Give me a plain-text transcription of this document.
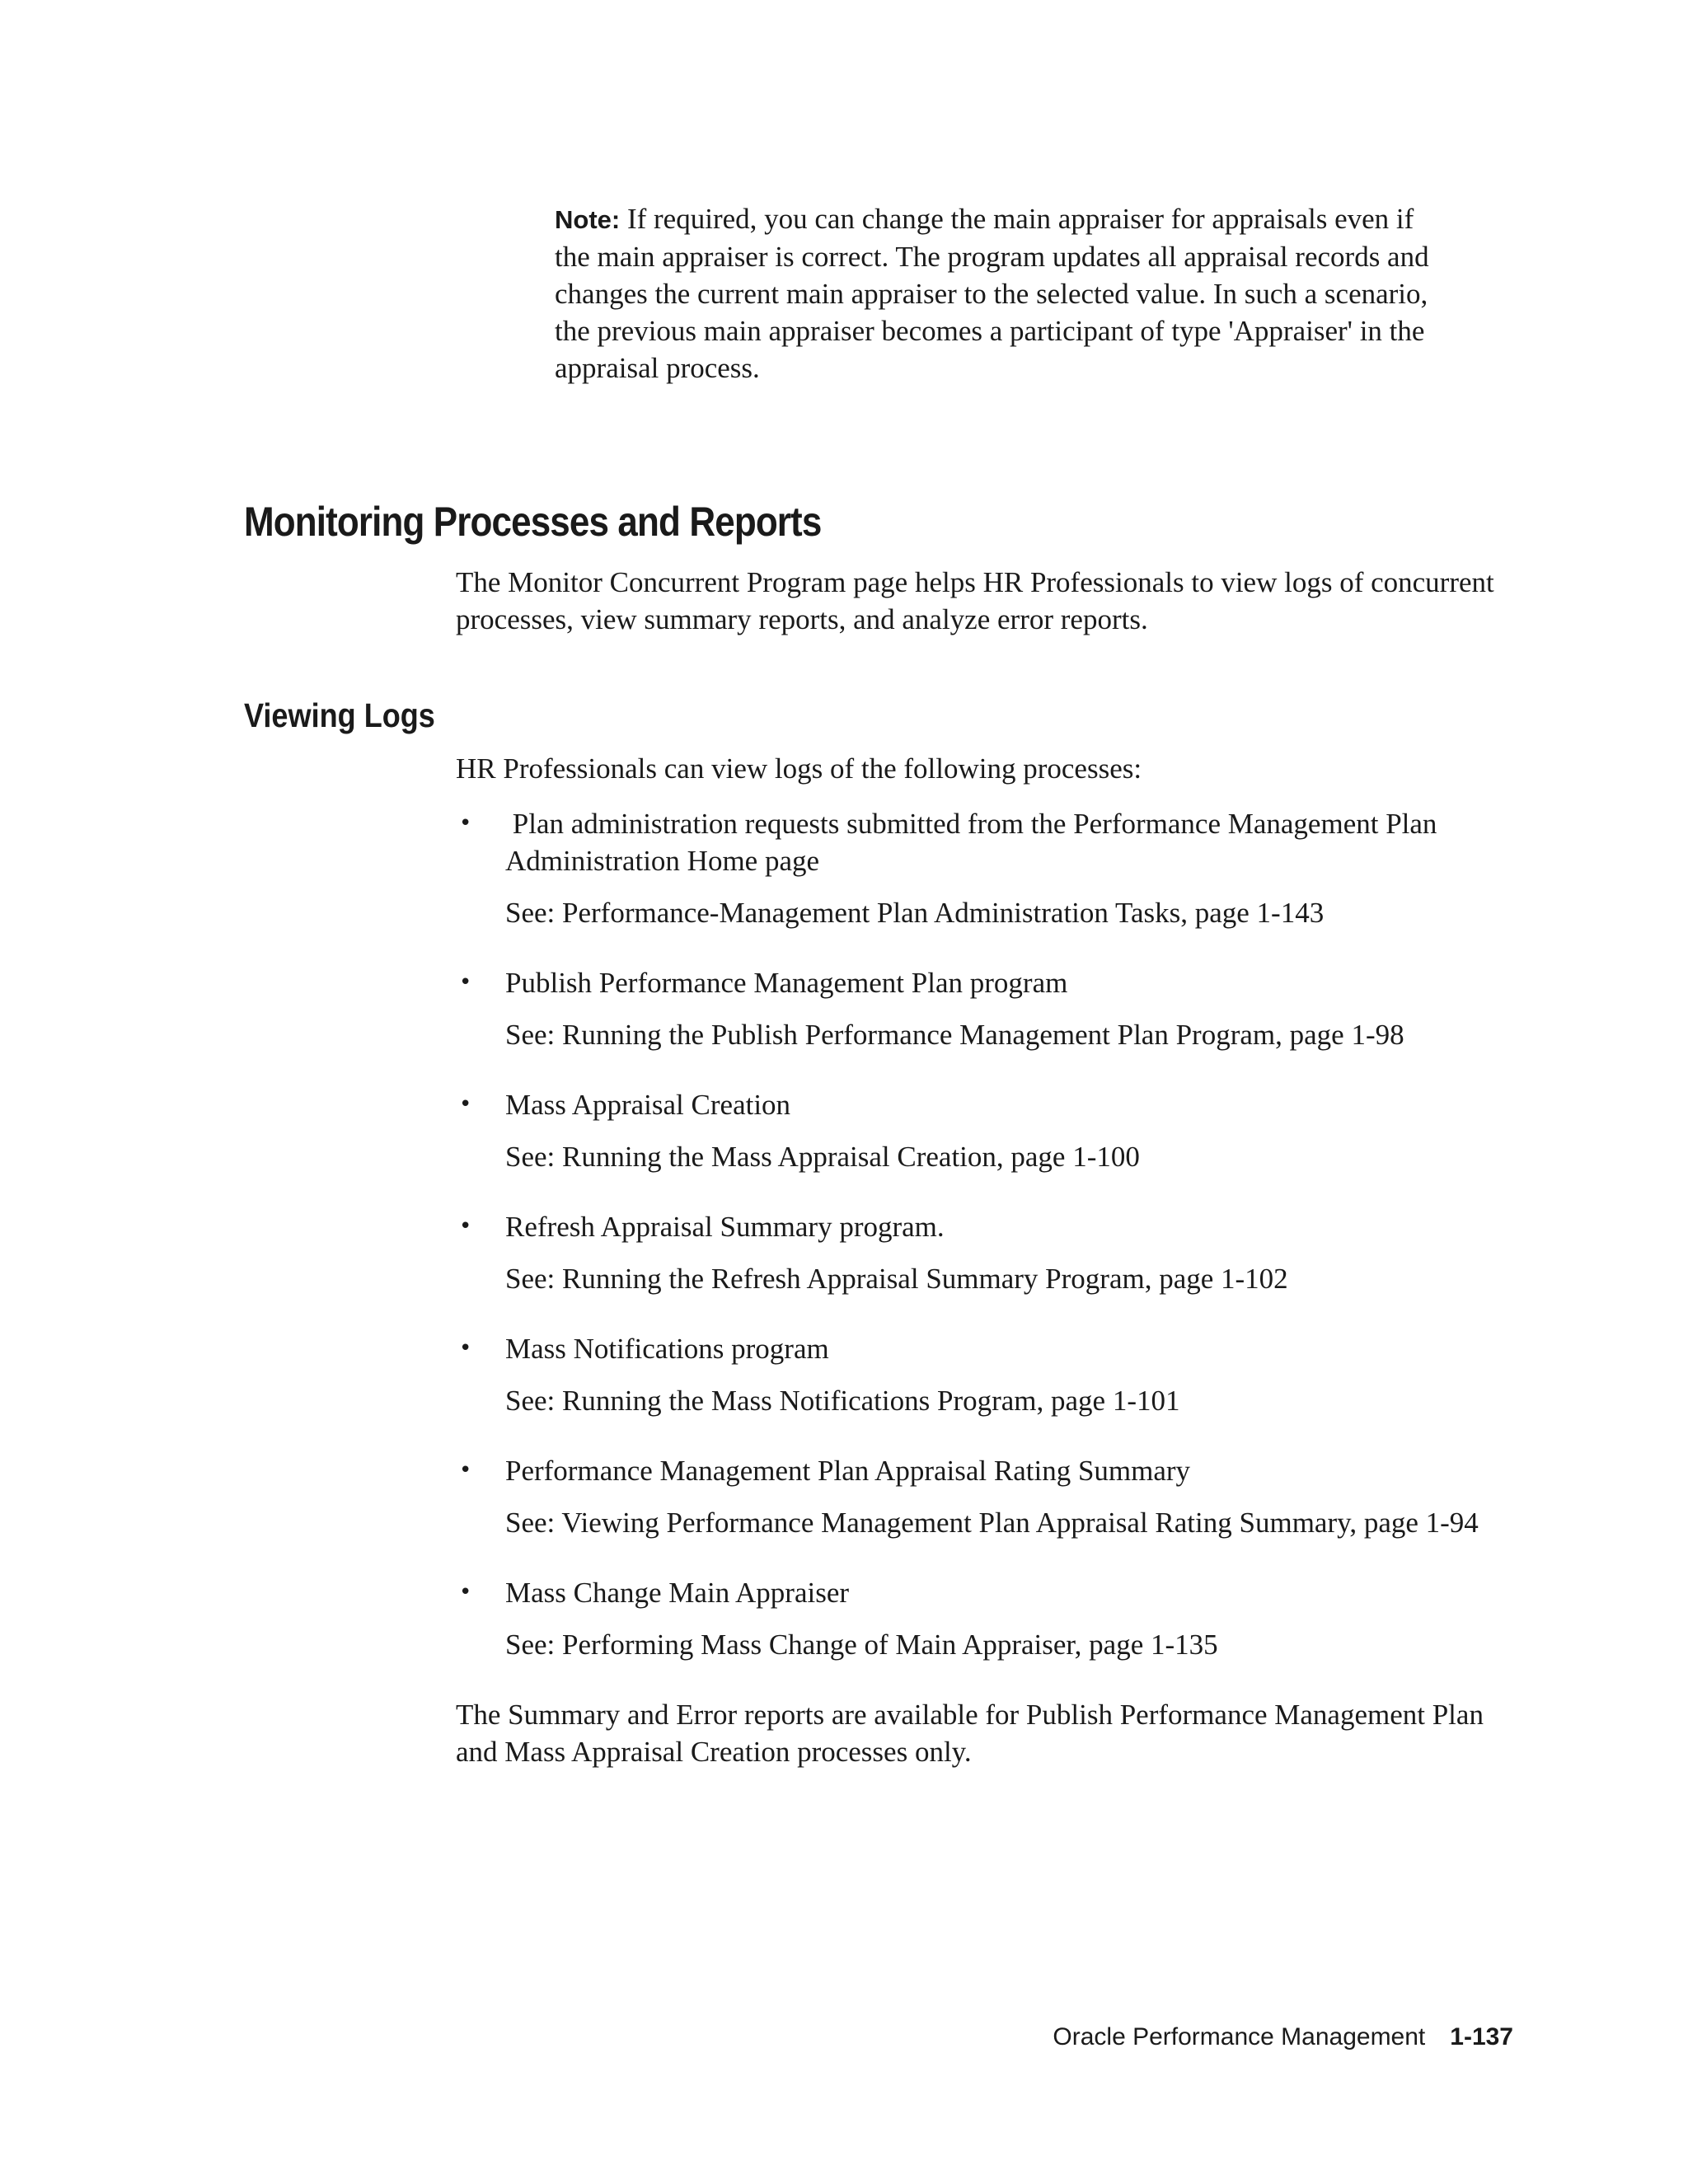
Note: If required, you can change the main appraiser for appraisals even if the main appraiser is correct. The program updates all appraisal records and changes the current main appraiser to the selected value. In such a scenario, the previous main appraiser becomes a participant of type 'Appraiser' in the appraisal process.

Monitoring Processes and Reports

The Monitor Concurrent Program page helps HR Professionals to view logs of concurrent processes, view summary reports, and analyze error reports.

Viewing Logs

HR Professionals can view logs of the following processes:

• Plan administration requests submitted from the Performance Management Plan Administration Home page
See: Performance-Management Plan Administration Tasks, page 1-143
• Publish Performance Management Plan program
See: Running the Publish Performance Management Plan Program, page 1-98
• Mass Appraisal Creation
See: Running the Mass Appraisal Creation, page 1-100
• Refresh Appraisal Summary program.
See: Running the Refresh Appraisal Summary Program, page 1-102
• Mass Notifications program
See: Running the Mass Notifications Program, page 1-101
• Performance Management Plan Appraisal Rating Summary
See: Viewing Performance Management Plan Appraisal Rating Summary, page 1-94
• Mass Change Main Appraiser
See: Performing Mass Change of Main Appraiser, page 1-135

The Summary and Error reports are available for Publish Performance Management Plan and Mass Appraisal Creation processes only.

Oracle Performance Management 1-137
